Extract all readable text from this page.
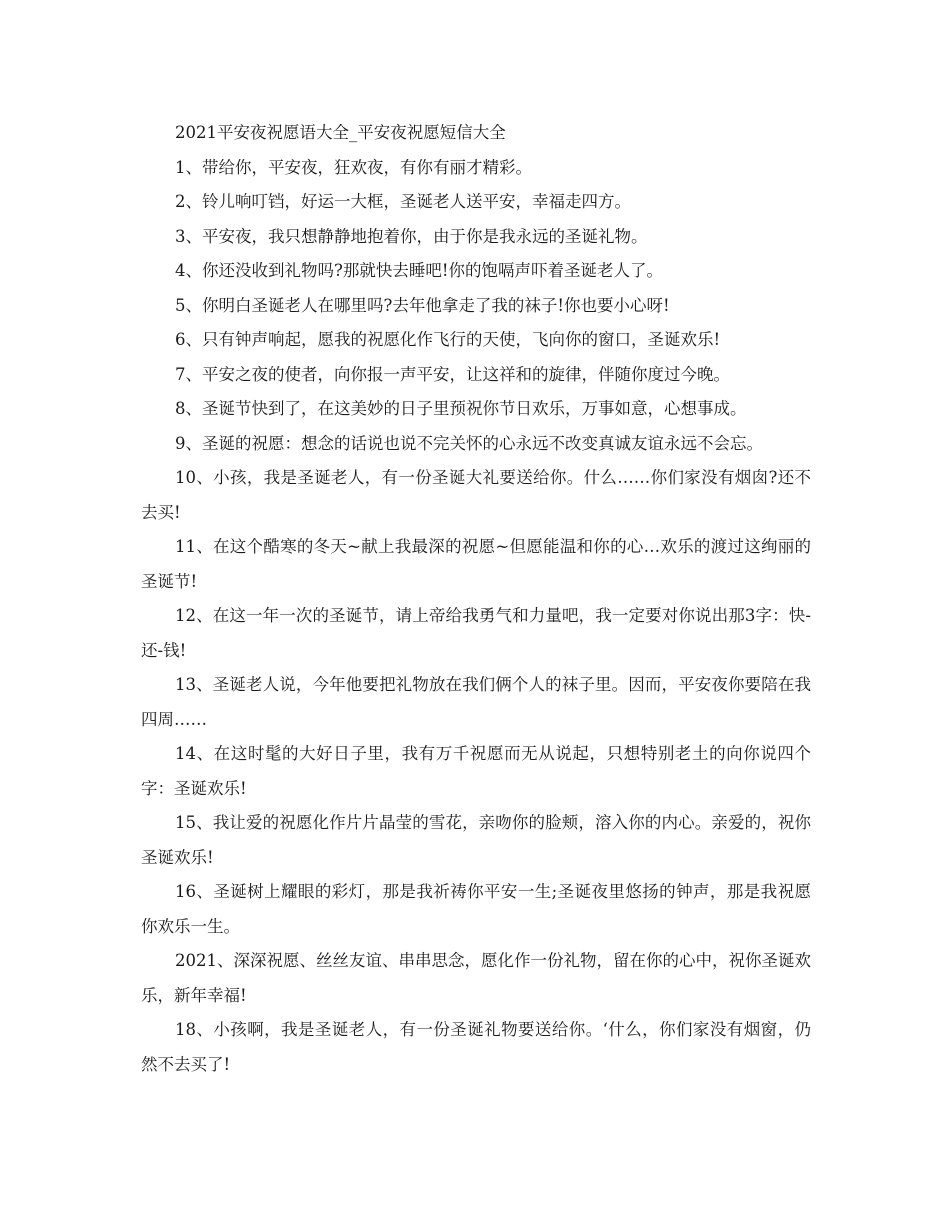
2021平安夜祝愿语大全_平安夜祝愿短信大全

1、带给你，平安夜，狂欢夜，有你有丽才精彩。

2、铃儿响叮铛，好运一大框，圣诞老人送平安，幸福走四方。

3、平安夜，我只想静静地抱着你，由于你是我永远的圣诞礼物。

4、你还没收到礼物吗?那就快去睡吧!你的饱嗝声吓着圣诞老人了。

5、你明白圣诞老人在哪里吗?去年他拿走了我的袜子!你也要小心呀!

6、只有钟声响起，愿我的祝愿化作飞行的天使，飞向你的窗口，圣诞欢乐!

7、平安之夜的使者，向你报一声平安，让这祥和的旋律，伴随你度过今晚。

8、圣诞节快到了，在这美妙的日子里预祝你节日欢乐，万事如意，心想事成。

9、圣诞的祝愿：想念的话说也说不完关怀的心永远不改变真诚友谊永远不会忘。

10、小孩，我是圣诞老人，有一份圣诞大礼要送给你。什么……你们家没有烟囱?还不去买!

11、在这个酷寒的冬天~献上我最深的祝愿~但愿能温和你的心…欢乐的渡过这绚丽的圣诞节!

12、在这一年一次的圣诞节，请上帝给我勇气和力量吧，我一定要对你说出那3字：快-还-钱!

13、圣诞老人说，今年他要把礼物放在我们俩个人的袜子里。因而，平安夜你要陪在我四周……

14、在这时髦的大好日子里，我有万千祝愿而无从说起，只想特别老土的向你说四个字：圣诞欢乐!

15、我让爱的祝愿化作片片晶莹的雪花，亲吻你的脸颊，溶入你的内心。亲爱的，祝你圣诞欢乐!

16、圣诞树上耀眼的彩灯，那是我祈祷你平安一生;圣诞夜里悠扬的钟声，那是我祝愿你欢乐一生。

2021、深深祝愿、丝丝友谊、串串思念，愿化作一份礼物，留在你的心中，祝你圣诞欢乐，新年幸福!

18、小孩啊，我是圣诞老人，有一份圣诞礼物要送给你。‘什么，你们家没有烟窗，仍然不去买了!
